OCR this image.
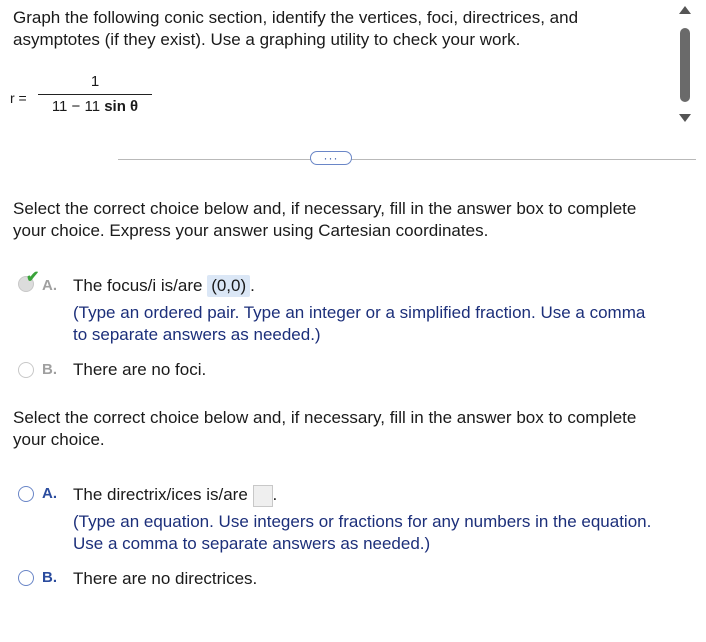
Graph the following conic section, identify the vertices, foci, directrices, and
asymptotes (if they exist). Use a graphing utility to check your work.
r =
1
11 − 11 sin θ
···
Select the correct choice below and, if necessary, fill in the answer box to complete
your choice. Express your answer using Cartesian coordinates.
✔ A. The focus/i is/are (0,0) .
(Type an ordered pair. Type an integer or a simplified fraction. Use a comma
to separate answers as needed.)
B. There are no foci.
Select the correct choice below and, if necessary, fill in the answer box to complete
your choice.
A. The directrix/ices is/are .
(Type an equation. Use integers or fractions for any numbers in the equation.
Use a comma to separate answers as needed.)
B. There are no directrices.
